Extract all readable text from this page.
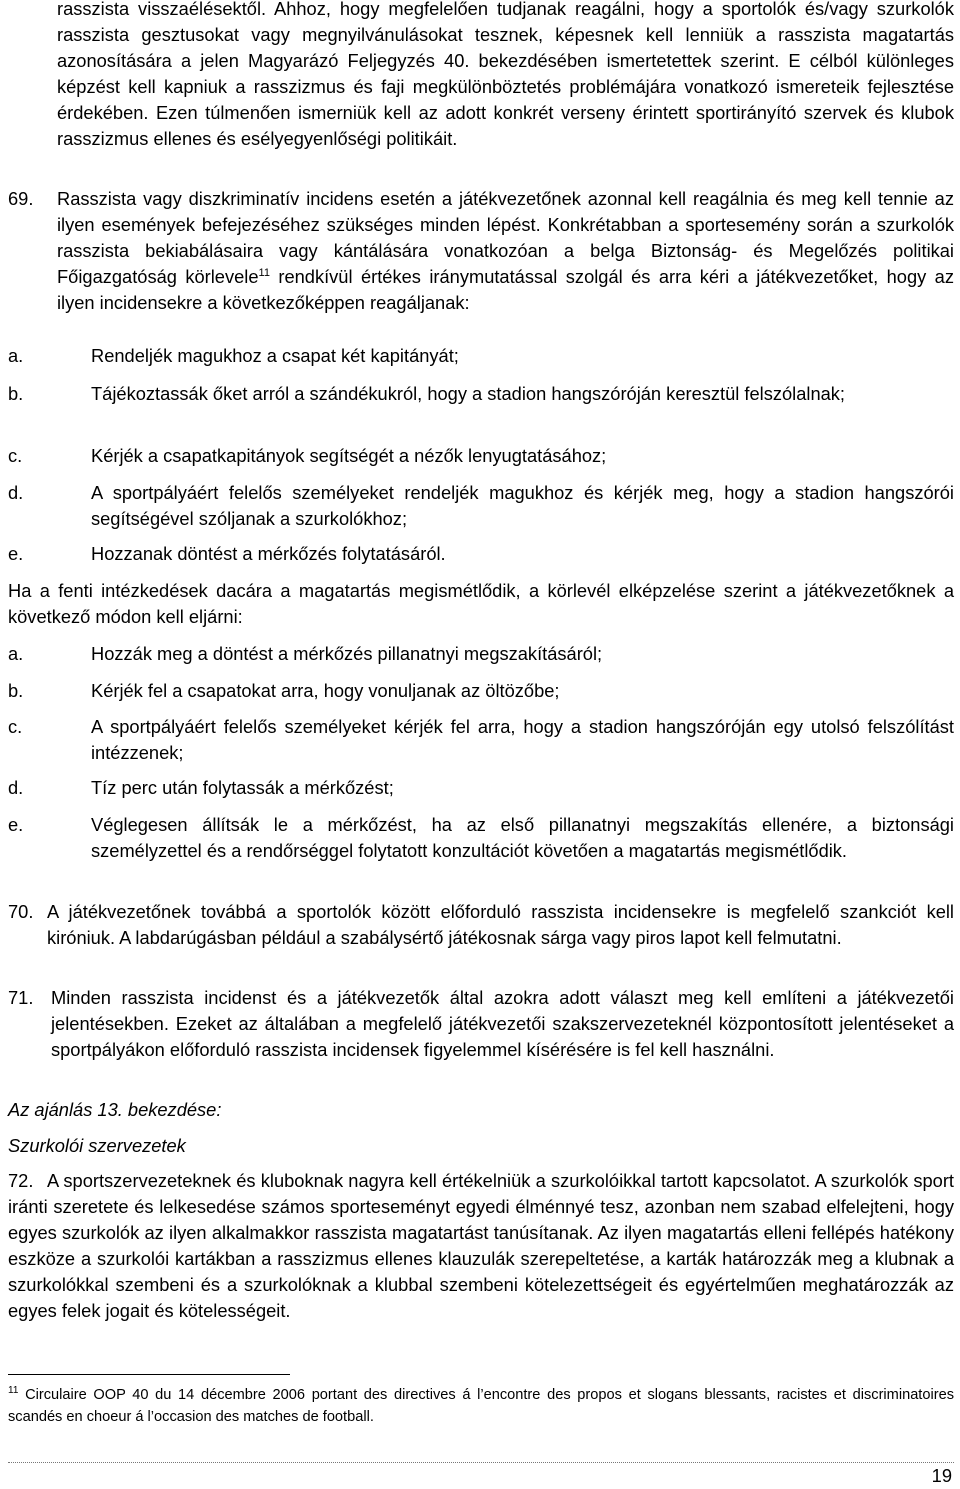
rasszista visszaélésektől. Ahhoz, hogy megfelelően tudjanak reagálni, hogy a sportolók és/vagy szurkolók rasszista gesztusokat vagy megnyilvánulásokat tesznek, képesnek kell lenniük a rasszista magatartás azonosítására a jelen Magyarázó Feljegyzés 40. bekezdésében ismertetettek szerint. E célból különleges képzést kell kapniuk a rasszizmus és faji megkülönböztetés problémájára vonatkozó ismereteik fejlesztése érdekében. Ezen túlmenően ismerniük kell az adott konkrét verseny érintett sportirányító szervek és klubok rasszizmus ellenes és esélyegyenlőségi politikáit.
69. Rasszista vagy diszkriminatív incidens esetén a játékvezetőnek azonnal kell reagálnia és meg kell tennie az ilyen események befejezéséhez szükséges minden lépést. Konkrétabban a sportesemény során a szurkolók rasszista bekiabálásaira vagy kántálására vonatkozóan a belga Biztonság- és Megelőzés politikai Főigazgatóság körlevele$^{11}$ rendkívül értékes iránymutatással szolgál és arra kéri a játékvezetőket, hogy az ilyen incidensekre a következőképpen reagáljanak:
a.	Rendeljék magukhoz a csapat két kapitányát;
b.	Tájékoztassák őket arról a szándékukról, hogy a stadion hangszóróján keresztül felszólalnak;
c.	Kérjék a csapatkapitányok segítségét a nézők lenyugtatásához;
d.	A sportpályáért felelős személyeket rendeljék magukhoz és kérjék meg, hogy a stadion hangszórói segítségével szóljanak a szurkolókhoz;
e.	Hozzanak döntést a mérkőzés folytatásáról.
Ha a fenti intézkedések dacára a magatartás megismétlődik, a körlevél elképzelése szerint a játékvezetőknek a következő módon kell eljárni:
a.	Hozzák meg a döntést a mérkőzés pillanatnyi megszakításáról;
b.	Kérjék fel a csapatokat arra, hogy vonuljanak az öltözőbe;
c.	A sportpályáért felelős személyeket kérjék fel arra, hogy a stadion hangszóróján egy utolsó felszólítást intézzenek;
d.	Tíz perc után folytassák a mérkőzést;
e.	Véglegesen állítsák le a mérkőzést, ha az első pillanatnyi megszakítás ellenére, a biztonsági személyzettel és a rendőrséggel folytatott konzultációt követően a magatartás megismétlődik.
70. A játékvezetőnek továbbá a sportolók között előforduló rasszista incidensekre is megfelelő szankciót kell kiróniuk. A labdarúgásban például a szabálysértő játékosnak sárga vagy piros lapot kell felmutatni.
71. Minden rasszista incidenst és a játékvezetők által azokra adott választ meg kell említeni a játékvezetői jelentésekben. Ezeket az általában a megfelelő játékvezetői szakszervezeteknél központosított jelentéseket a sportpályákon előforduló rasszista incidensek figyelemmel kísérésére is fel kell használni.
Az ajánlás 13. bekezdése:
Szurkolói szervezetek
72. A sportszervezeteknek és kluboknak nagyra kell értékelniük a szurkolóikkal tartott kapcsolatot. A szurkolók sport iránti szeretete és lelkesedése számos sporteseményt egyedi élménnyé tesz, azonban nem szabad elfelejteni, hogy egyes szurkolók az ilyen alkalmakkor rasszista magatartást tanúsítanak. Az ilyen magatartás elleni fellépés hatékony eszköze a szurkolói kartákban a rasszizmus ellenes klauzulák szerepeltetése, a karták határozzák meg a klubnak a szurkolókkal szembeni és a szurkolóknak a klubbal szembeni kötelezettségeit és egyértelműen meghatározzák az egyes felek jogait és kötelességeit.
$^{11}$ Circulaire OOP 40 du 14 décembre 2006 portant des directives á l’encontre des propos et slogans blessants, racistes et discriminatoires scandés en choeur á l’occasion des matches de football.
19
